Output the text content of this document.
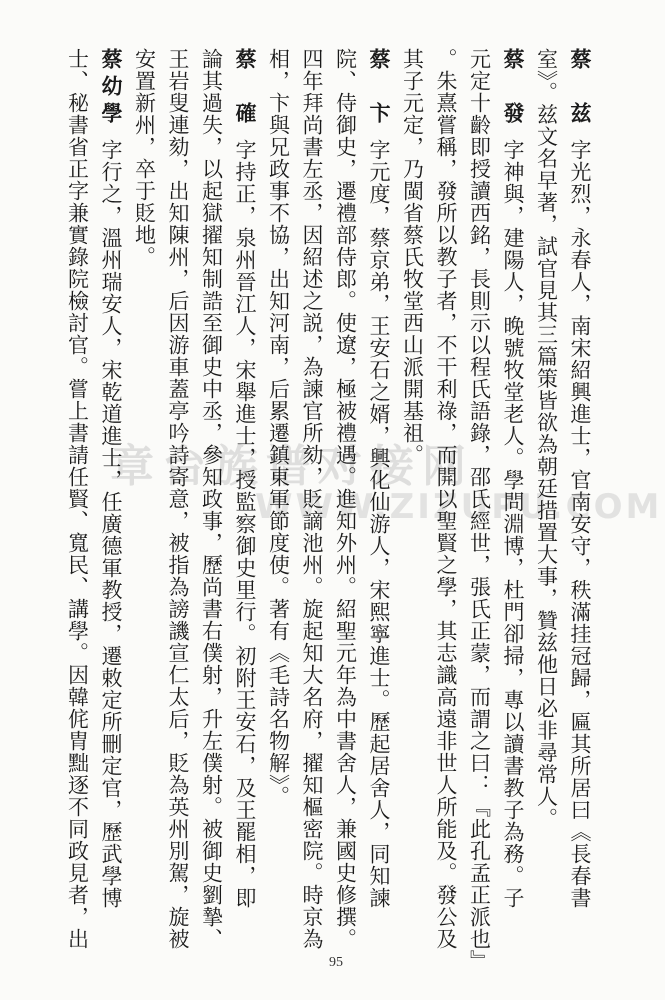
章台族谱对接网
WWW.ZIZUPU.COM
蔡　兹字光烈，永春人，南宋紹興進士，官南安守，秩滿挂冠歸，匾其所居曰《長春書
室》。兹文名早著，試官見其三篇策皆欲為朝廷措置大事，贊兹他日必非尋常人。
蔡　發字神與，建陽人，晚號牧堂老人。學問淵博，杜門卻掃，專以讀書教子為務。子
元定十齡即授讀西銘，長則示以程氏語錄，邵氏經世，張氏正蒙，而謂之曰：『此孔孟正派也』
。朱熹嘗稱，發所以教子者，不干利祿，而開以聖賢之學，其志識高遠非世人所能及。發公及
其子元定，乃閩省蔡氏牧堂西山派開基祖。
蔡　卞字元度，蔡京弟，王安石之婿，興化仙游人，宋熙寧進士。歷起居舍人，同知諫
院、侍御史，遷禮部侍郎。使遼，極被禮遇。進知外州。紹聖元年為中書舍人，兼國史修撰。
四年拜尚書左丞，因紹述之説，為諫官所劾，貶謫池州。旋起知大名府，擢知樞密院。時京為
相，卞與兄政事不協，出知河南，后累遷鎮東軍節度使。著有《毛詩名物解》。
蔡　確字持正，泉州晉江人，宋舉進士，授監察御史里行。初附王安石，及王罷相，即
論其過失，以起獄擢知制誥至御史中丞，參知政事，歷尚書右僕射，升左僕射。被御史劉摯、
王岩叟連劾，出知陳州，后因游車蓋亭吟詩寄意，被指為謗譏宣仁太后，貶為英州別駕，旋被
安置新州，卒于貶地。
蔡幼學字行之，溫州瑞安人，宋乾道進士，任廣德軍教授，遷敕定所刪定官，歷武學博
士、秘書省正字兼實錄院檢討官。嘗上書請任賢、寬民、講學。因韓侂胄黜逐不同政見者，出
95
